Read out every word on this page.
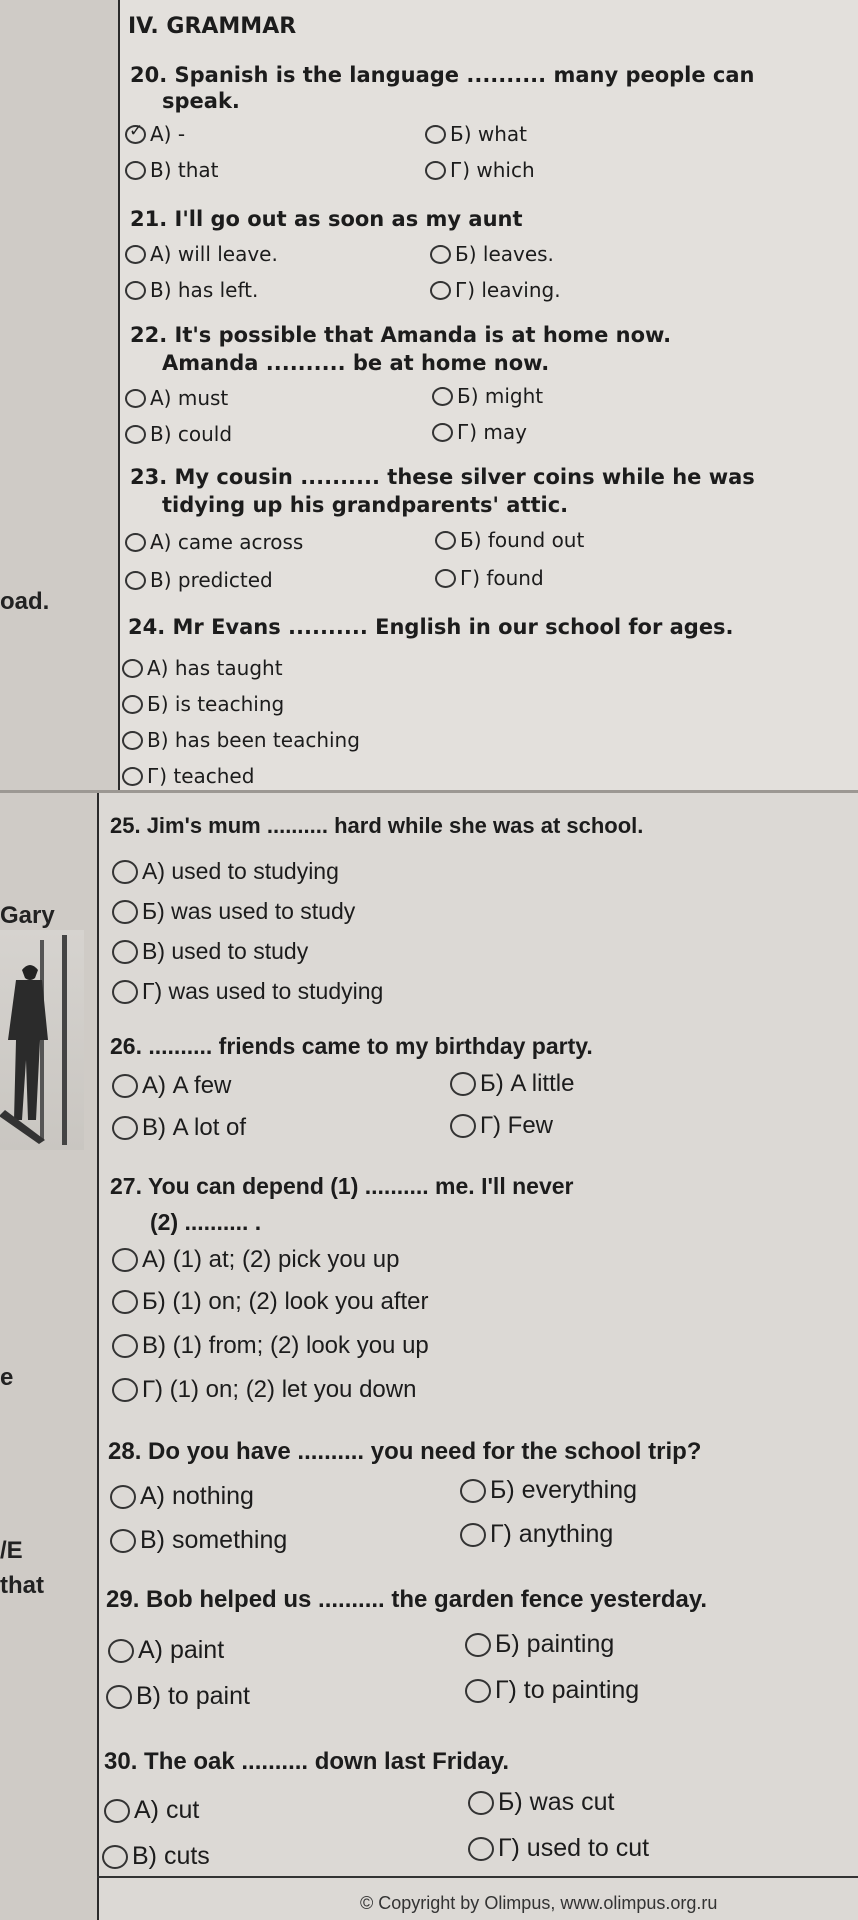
oad.
Gary
e
/E
that
IV. GRAMMAR
20. Spanish is the language .......... many people can
speak.
✓
А) -	Б) what
В) that	Г) which
21. I'll go out as soon as my aunt
А) will leave.	Б) leaves.
В) has left.	Г) leaving.
22. It's possible that Amanda is at home now.
Amanda .......... be at home now.
А) must	Б) might
В) could	Г) may
23. My cousin .......... these silver coins while he was
tidying up his grandparents' attic.
А) came across	Б) found out
В) predicted	Г) found
24. Mr Evans .......... English in our school for ages.
А) has taught
Б) is teaching
В) has been teaching
Г) teached
25. Jim's mum .......... hard while she was at school.
А) used to studying
Б) was used to study
В) used to study
Г) was used to studying
26. .......... friends came to my birthday party.
А) A few	Б) A little
В) A lot of	Г) Few
27. You can depend (1) .......... me. I'll never
(2) .......... .
А) (1) at; (2) pick you up
Б) (1) on; (2) look you after
В) (1) from; (2) look you up
Г) (1) on; (2) let you down
28. Do you have .......... you need for the school trip?
А) nothing	Б) everything
В) something	Г) anything
29. Bob helped us .......... the garden fence yesterday.
А) paint	Б) painting
В) to paint	Г) to painting
30. The oak .......... down last Friday.
А) cut	Б) was cut
В) cuts	Г) used to cut
© Copyright by Olimpus, www.olimpus.org.ru
